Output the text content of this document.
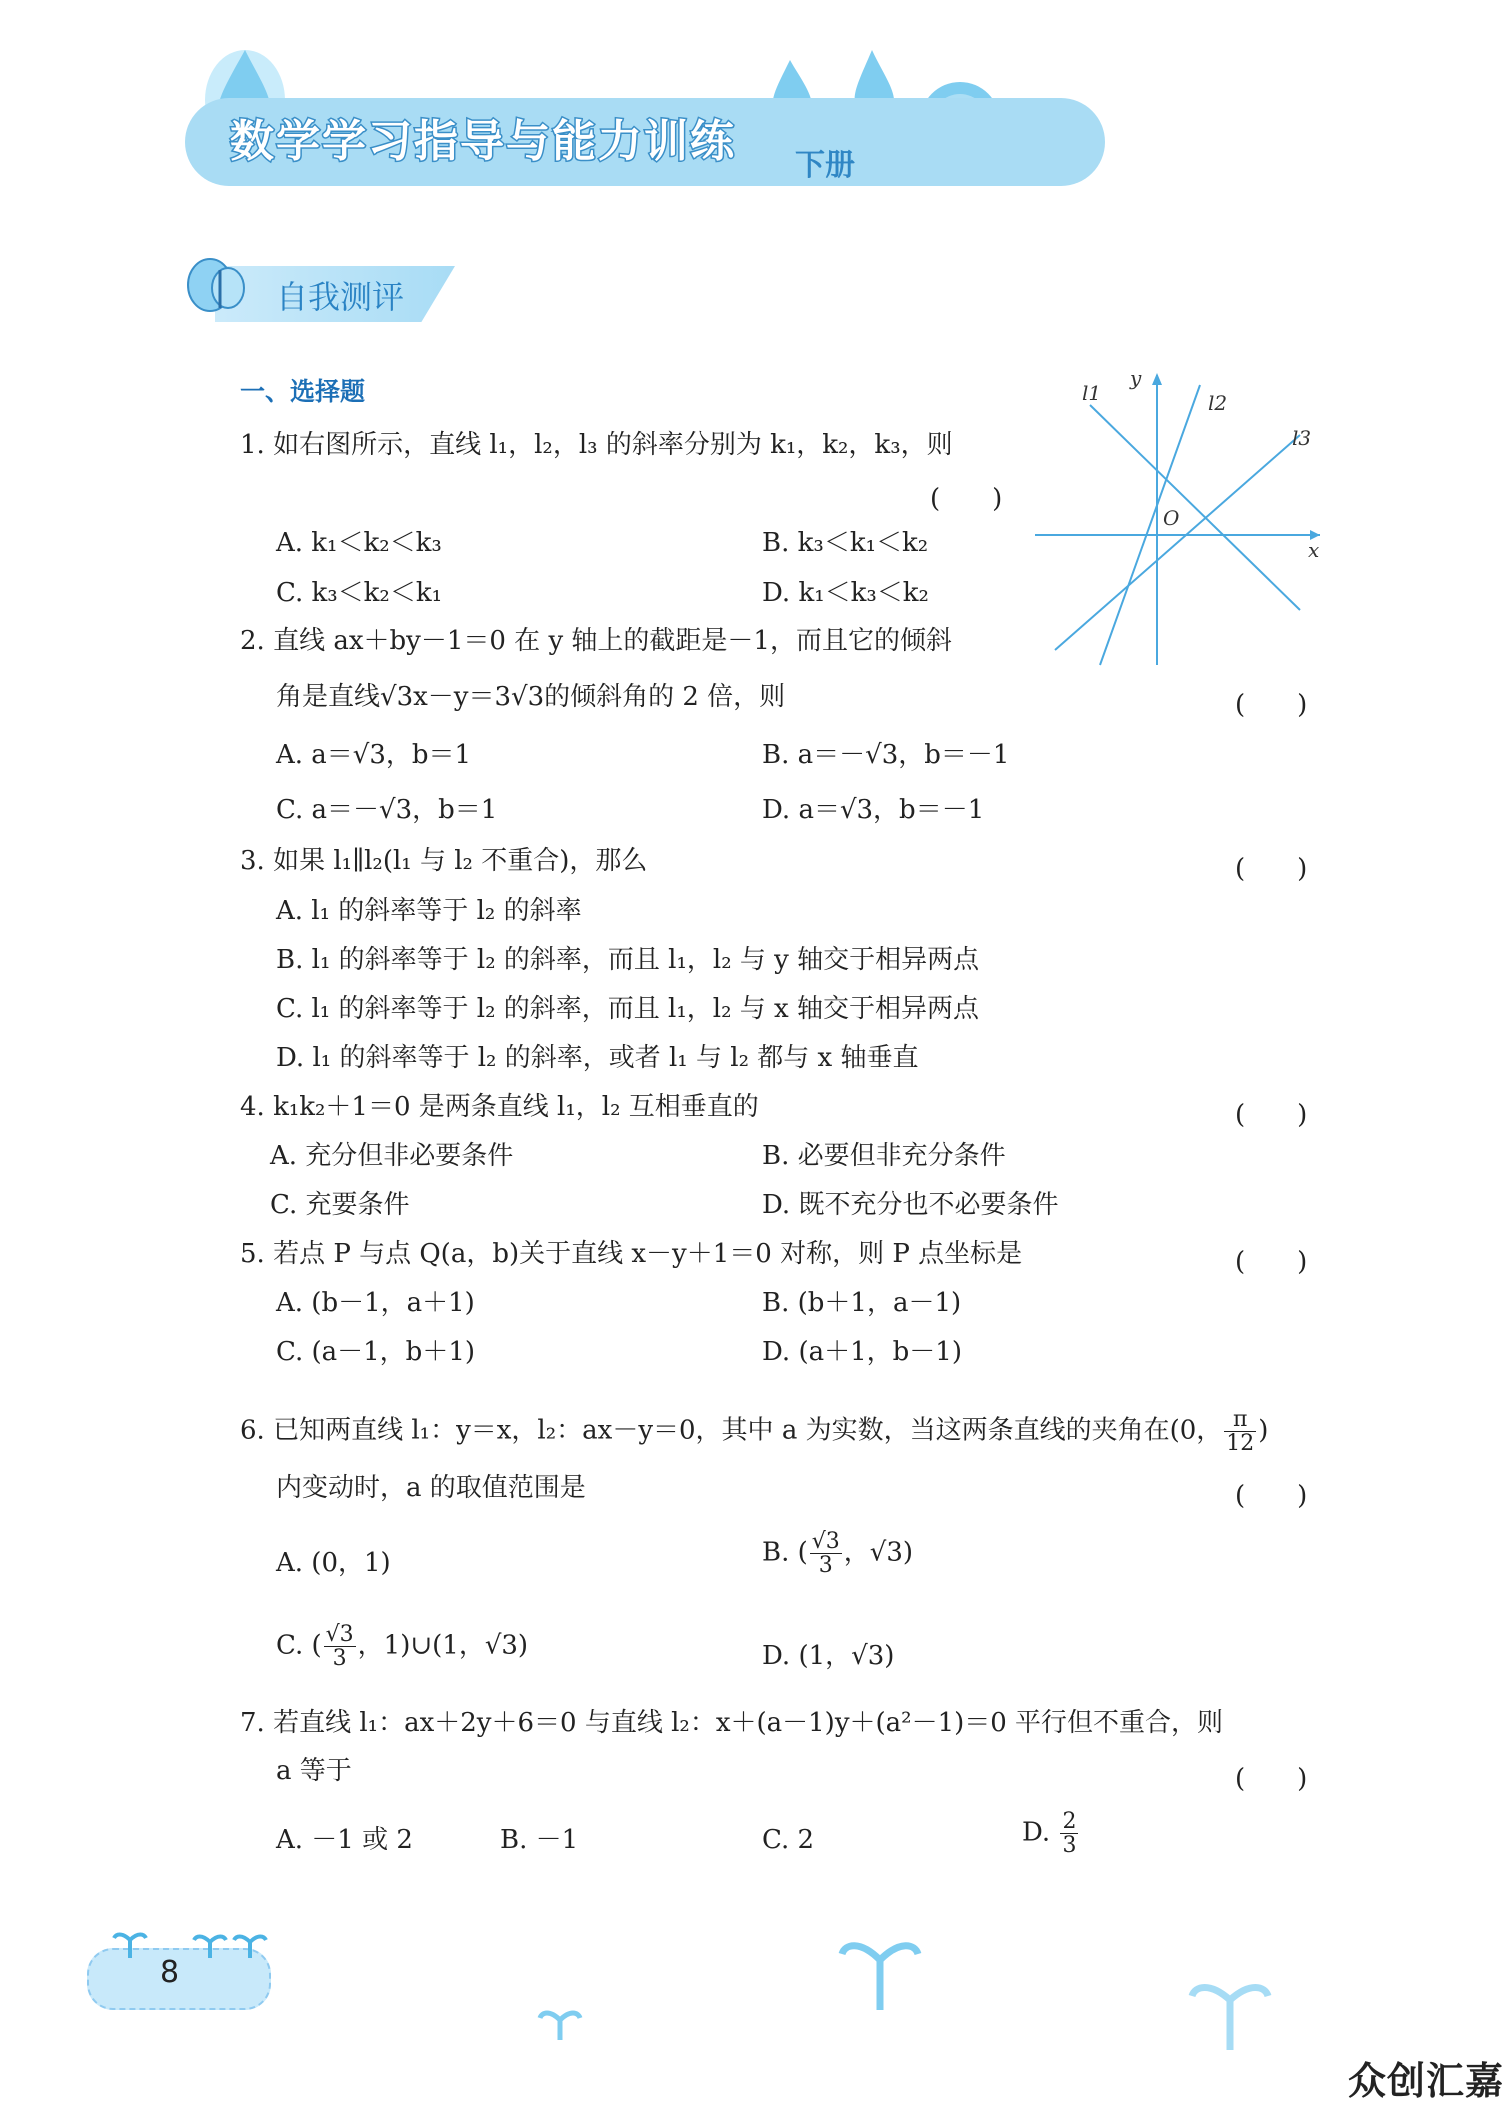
数学学习指导与能力训练 下册
自我测评
一、选择题	l1	l2
l3
y
x
O
1. 如右图所示，直线 l₁，l₂，l₃ 的斜率分别为 k₁，k₂，k₃，则
(　　)
A. k₁＜k₂＜k₃	B. k₃＜k₁＜k₂
C. k₃＜k₂＜k₁	D. k₁＜k₃＜k₂
2. 直线 ax＋by－1＝0 在 y 轴上的截距是－1，而且它的倾斜
角是直线√3x－y＝3√3的倾斜角的 2 倍，则	(　　)
A. a＝√3，b＝1	B. a＝－√3，b＝－1
C. a＝－√3，b＝1	D. a＝√3，b＝－1
3. 如果 l₁∥l₂(l₁ 与 l₂ 不重合)，那么	(　　)
A. l₁ 的斜率等于 l₂ 的斜率
B. l₁ 的斜率等于 l₂ 的斜率，而且 l₁，l₂ 与 y 轴交于相异两点
C. l₁ 的斜率等于 l₂ 的斜率，而且 l₁，l₂ 与 x 轴交于相异两点
D. l₁ 的斜率等于 l₂ 的斜率，或者 l₁ 与 l₂ 都与 x 轴垂直
4. k₁k₂＋1＝0 是两条直线 l₁，l₂ 互相垂直的	(　　)
A. 充分但非必要条件	B. 必要但非充分条件
C. 充要条件	D. 既不充分也不必要条件
5. 若点 P 与点 Q(a，b)关于直线 x－y＋1＝0 对称，则 P 点坐标是	(　　)
A. (b－1，a＋1)	B. (b＋1，a－1)
C. (a－1，b＋1)	D. (a＋1，b－1)
6. 已知两直线 l₁：y＝x，l₂：ax－y＝0，其中 a 为实数，当这两条直线的夹角在(0， $\frac{\pi}{12}$ )
内变动时，a 的取值范围是	(　　)
A. (0，1)	B. ( $\frac{√3}{3}$ ，√3)
C. ( $\frac{√3}{3}$ ，1)∪(1，√3)	D. (1，√3)
7. 若直线 l₁：ax＋2y＋6＝0 与直线 l₂：x＋(a－1)y＋(a²－1)＝0 平行但不重合，则
a 等于	(　　)
A. －1 或 2	B. －1	C. 2	D. $\frac{2}{3}$
8
众创汇嘉
